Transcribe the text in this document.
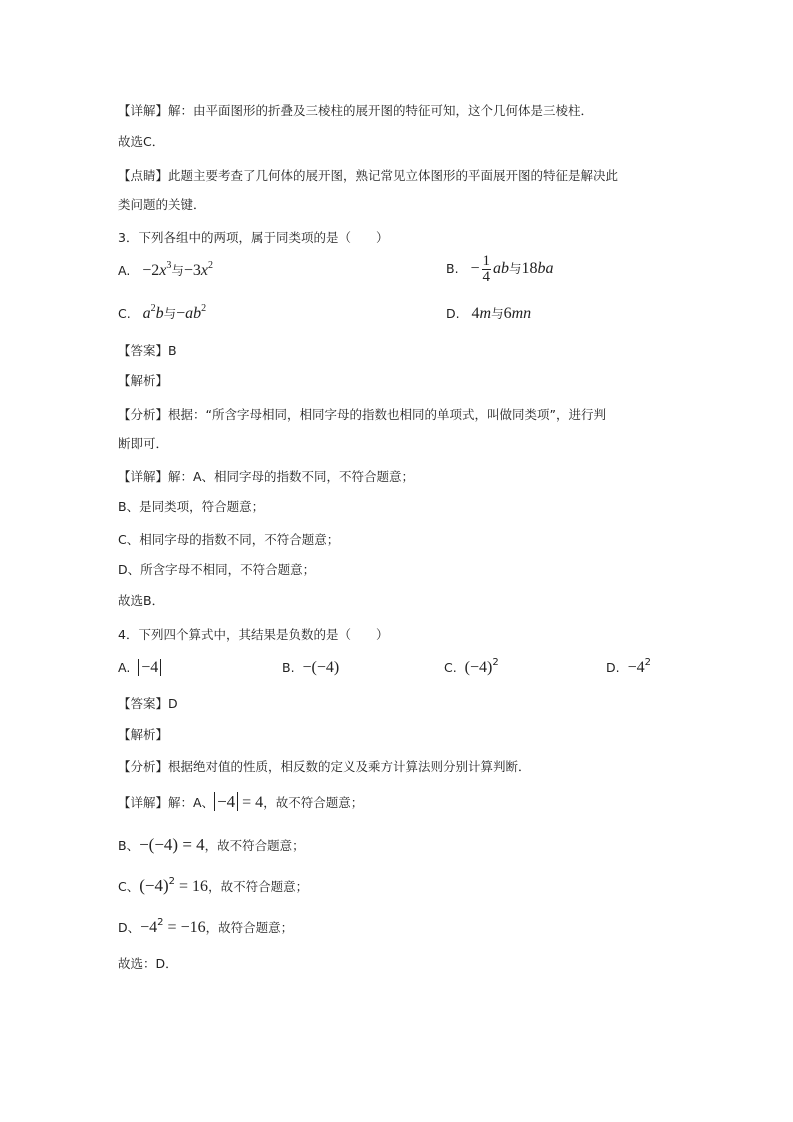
【详解】解：由平面图形的折叠及三棱柱的展开图的特征可知，这个几何体是三棱柱．
故选C．
【点睛】此题主要考查了几何体的展开图，熟记常见立体图形的平面展开图的特征是解决此
类问题的关键．
3．下列各组中的两项，属于同类项的是（　　）
A. $-2x^3$与$-3x^2$	B. − $\frac{1}{4}$ ab与18ba
C. $a^2b$与$-ab^2$	D. 4m与6mn
【答案】B
【解析】
【分析】根据：“所含字母相同，相同字母的指数也相同的单项式，叫做同类项”，进行判
断即可．
【详解】解：A、相同字母的指数不同，不符合题意；
B、是同类项，符合题意；
C、相同字母的指数不同，不符合题意；
D、所含字母不相同，不符合题意；
故选B．
4．下列四个算式中，其结果是负数的是（　　）
A. −4	B. −(−4)	C. $(-4)^2$	D. $-4^2$
【答案】D
【解析】
【分析】根据绝对值的性质，相反数的定义及乘方计算法则分别计算判断．
【详解】解：A、 −4 = 4，故不符合题意；
B、−(−4) = 4，故不符合题意；
C、$(-4)^2 = 16$，故不符合题意；
D、$-4^2 = -16$，故符合题意；
故选：D．
